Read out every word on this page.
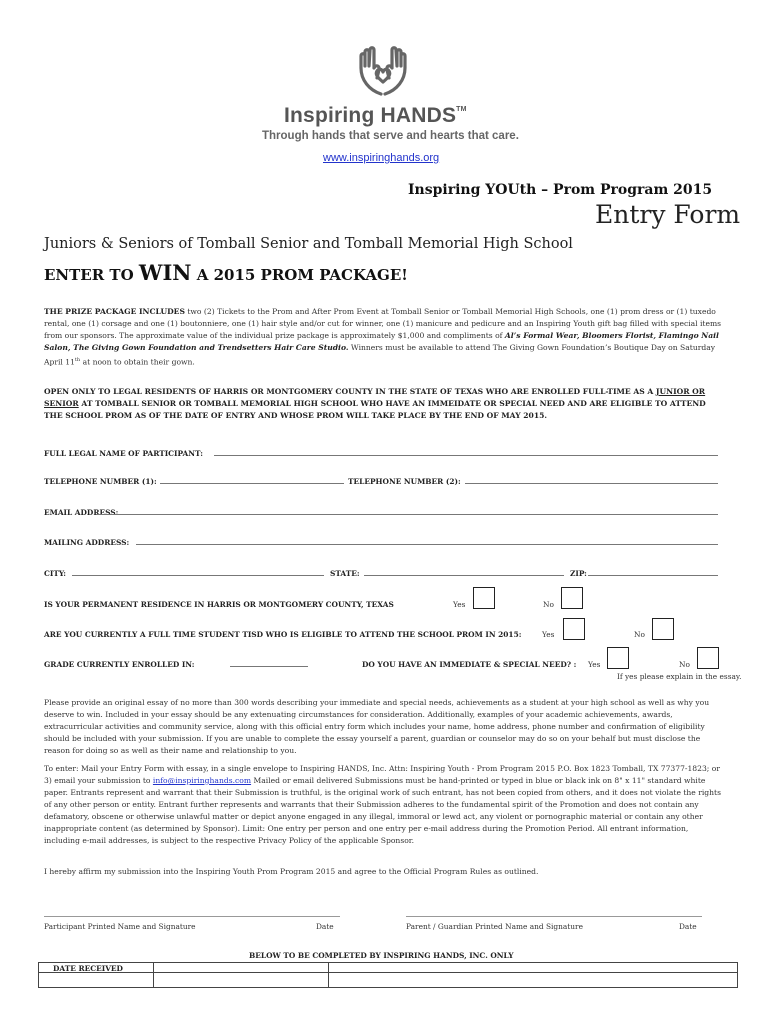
Inspiring HANDS™
Through hands that serve and hearts that care.
www.inspiringhands.org
Inspiring YOUth – Prom Program 2015
Entry Form
Juniors & Seniors of Tomball Senior and Tomball Memorial High School
ENTER TO WIN A 2015 PROM PACKAGE!
THE PRIZE PACKAGE INCLUDES two (2) Tickets to the Prom and After Prom Event at Tomball Senior or Tomball Memorial High Schools, one (1) prom dress or (1) tuxedo rental, one (1) corsage and one (1) boutonniere, one (1) hair style and/or cut for winner, one (1) manicure and pedicure and an Inspiring Youth gift bag filled with special items from our sponsors. The approximate value of the individual prize package is approximately $1,000 and compliments of Al’s Formal Wear, Bloomers Florist, Flamingo Nail Salon, The Giving Gown Foundation and Trendsetters Hair Care Studio. Winners must be available to attend The Giving Gown Foundation’s Boutique Day on Saturday April 11th at noon to obtain their gown.
OPEN ONLY TO LEGAL RESIDENTS OF HARRIS OR MONTGOMERY COUNTY IN THE STATE OF TEXAS WHO ARE ENROLLED FULL-TIME AS A JUNIOR OR SENIOR AT TOMBALL SENIOR OR TOMBALL MEMORIAL HIGH SCHOOL WHO HAVE AN IMMEIDATE OR SPECIAL NEED AND ARE ELIGIBLE TO ATTEND THE SCHOOL PROM AS OF THE DATE OF ENTRY AND WHOSE PROM WILL TAKE PLACE BY THE END OF MAY 2015.
FULL LEGAL NAME OF PARTICIPANT:
TELEPHONE NUMBER (1):	TELEPHONE NUMBER (2):
EMAIL ADDRESS:
MAILING ADDRESS:
CITY:	STATE:	ZIP:
IS YOUR PERMANENT RESIDENCE IN HARRIS OR MONTGOMERY COUNTY, TEXAS	Yes	No
ARE YOU CURRENTLY A FULL TIME STUDENT TISD WHO IS ELIGIBLE TO ATTEND THE SCHOOL PROM IN 2015:	Yes	No
GRADE CURRENTLY ENROLLED IN:	DO YOU HAVE AN IMMEDIATE & SPECIAL NEED? : Yes	No
If yes please explain in the essay.
Please provide an original essay of no more than 300 words describing your immediate and special needs, achievements as a student at your high school as well as why you deserve to win. Included in your essay should be any extenuating circumstances for consideration. Additionally, examples of your academic achievements, awards, extracurricular activities and community service, along with this official entry form which includes your name, home address, phone number and confirmation of eligibility should be included with your submission. If you are unable to complete the essay yourself a parent, guardian or counselor may do so on your behalf but must disclose the reason for doing so as well as their name and relationship to you.
To enter: Mail your Entry Form with essay, in a single envelope to Inspiring HANDS, Inc. Attn: Inspiring Youth - Prom Program 2015 P.O. Box 1823 Tomball, TX 77377-1823; or 3) email your submission to info@inspiringhands.com Mailed or email delivered Submissions must be hand-printed or typed in blue or black ink on 8" x 11" standard white paper. Entrants represent and warrant that their Submission is truthful, is the original work of such entrant, has not been copied from others, and it does not violate the rights of any other person or entity. Entrant further represents and warrants that their Submission adheres to the fundamental spirit of the Promotion and does not contain any defamatory, obscene or otherwise unlawful matter or depict anyone engaged in any illegal, immoral or lewd act, any violent or pornographic material or contain any other inappropriate content (as determined by Sponsor). Limit: One entry per person and one entry per e-mail address during the Promotion Period. All entrant information, including e-mail addresses, is subject to the respective Privacy Policy of the applicable Sponsor.
I hereby affirm my submission into the Inspiring Youth Prom Program 2015 and agree to the Official Program Rules as outlined.
Participant Printed Name and Signature	Date	Parent / Guardian Printed Name and Signature	Date
BELOW TO BE COMPLETED BY INSPIRING HANDS, INC. ONLY
DATE RECEIVED
